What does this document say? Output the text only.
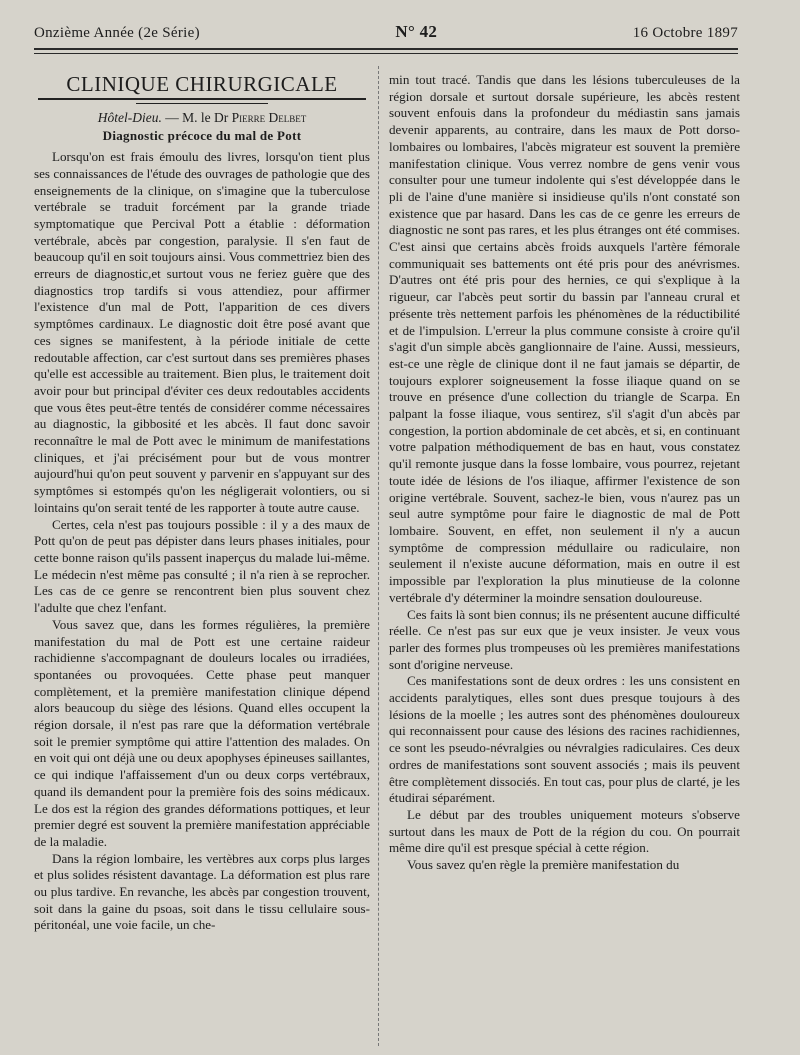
Onzième Année (2e Série)	N° 42	16 Octobre 1897
CLINIQUE CHIRURGICALE
Hôtel-Dieu. — M. le Dr Pierre Delbet
Diagnostic précoce du mal de Pott

Lorsqu'on est frais émoulu des livres, lorsqu'on tient plus ses connaissances de l'étude des ouvrages de pathologie que des enseignements de la clinique, on s'imagine que la tuberculose vertébrale se traduit forcément par la grande triade symptomatique que Percival Pott a établie : déformation vertébrale, abcès par congestion, paralysie. Il s'en faut de beaucoup qu'il en soit toujours ainsi. Vous commettriez bien des erreurs de diagnostic,et surtout vous ne feriez guère que des diagnostics trop tardifs si vous attendiez, pour affirmer l'existence d'un mal de Pott, l'apparition de ces divers symptômes cardinaux. Le diagnostic doit être posé avant que ces signes se manifestent, à la période initiale de cette redoutable affection, car c'est surtout dans ses premières phases qu'elle est accessible au traitement. Bien plus, le traitement doit avoir pour but principal d'éviter ces deux redoutables accidents que vous êtes peut-être tentés de considérer comme nécessaires au diagnostic, la gibbosité et les abcès. Il faut donc savoir reconnaître le mal de Pott avec le minimum de manifestations cliniques, et j'ai précisément pour but de vous montrer aujourd'hui qu'on peut souvent y parvenir en s'appuyant sur des symptômes si estompés qu'on les négligerait volontiers, ou si lointains qu'on serait tenté de les rapporter à toute autre cause.

Certes, cela n'est pas toujours possible : il y a des maux de Pott qu'on de peut pas dépister dans leurs phases initiales, pour cette bonne raison qu'ils passent inaperçus du malade lui-même. Le médecin n'est même pas consulté ; il n'a rien à se reprocher. Les cas de ce genre se rencontrent bien plus souvent chez l'adulte que chez l'enfant.

Vous savez que, dans les formes régulières, la première manifestation du mal de Pott est une certaine raideur rachidienne s'accompagnant de douleurs locales ou irradiées, spontanées ou provoquées. Cette phase peut manquer complètement, et la première manifestation clinique dépend alors beaucoup du siège des lésions. Quand elles occupent la région dorsale, il n'est pas rare que la déformation vertébrale soit le premier symptôme qui attire l'attention des malades. On en voit qui ont déjà une ou deux apophyses épineuses saillantes, ce qui indique l'affaissement d'un ou deux corps vertébraux, quand ils demandent pour la première fois des soins médicaux. Le dos est la région des grandes déformations pottiques, et leur premier degré est souvent la première manifestation appréciable de la maladie.

Dans la région lombaire, les vertèbres aux corps plus larges et plus solides résistent davantage. La déformation est plus rare ou plus tardive. En revanche, les abcès par congestion trouvent, soit dans la gaine du psoas, soit dans le tissu cellulaire sous-péritonéal, une voie facile, un che-

min tout tracé. Tandis que dans les lésions tuberculeuses de la région dorsale et surtout dorsale supérieure, les abcès restent souvent enfouis dans la profondeur du médiastin sans jamais devenir apparents, au contraire, dans les maux de Pott dorso-lombaires ou lombaires, l'abcès migrateur est souvent la première manifestation clinique. Vous verrez nombre de gens venir vous consulter pour une tumeur indolente qui s'est développée dans le pli de l'aine d'une manière si insidieuse qu'ils n'ont constaté son existence que par hasard. Dans les cas de ce genre les erreurs de diagnostic ne sont pas rares, et les plus étranges ont été commises. C'est ainsi que certains abcès froids auxquels l'artère fémorale communiquait ses battements ont été pris pour des anévrismes. D'autres ont été pris pour des hernies, ce qui s'explique à la rigueur, car l'abcès peut sortir du bassin par l'anneau crural et présente très nettement parfois les phénomènes de la réductibilité et de l'impulsion. L'erreur la plus commune consiste à croire qu'il s'agit d'un simple abcès ganglionnaire de l'aine. Aussi, messieurs, est-ce une règle de clinique dont il ne faut jamais se départir, de toujours explorer soigneusement la fosse iliaque quand on se trouve en présence d'une collection du triangle de Scarpa. En palpant la fosse iliaque, vous sentirez, s'il s'agit d'un abcès par congestion, la portion abdominale de cet abcès, et si, en continuant votre palpation méthodiquement de bas en haut, vous constatez qu'il remonte jusque dans la fosse lombaire, vous pourrez, rejetant toute idée de lésions de l'os iliaque, affirmer l'existence de son origine vertébrale. Souvent, sachez-le bien, vous n'aurez pas un seul autre symptôme pour faire le diagnostic de mal de Pott lombaire. Souvent, en effet, non seulement il n'y a aucun symptôme de compression médullaire ou radiculaire, non seulement il n'existe aucune déformation, mais en outre il est impossible par l'exploration la plus minutieuse de la colonne vertébrale d'y déterminer la moindre sensation douloureuse.

Ces faits là sont bien connus; ils ne présentent aucune difficulté réelle. Ce n'est pas sur eux que je veux insister. Je veux vous parler des formes plus trompeuses où les premières manifestations sont d'origine nerveuse.

Ces manifestations sont de deux ordres : les uns consistent en accidents paralytiques, elles sont dues presque toujours à des lésions de la moelle ; les autres sont des phénomènes douloureux qui reconnaissent pour cause des lésions des racines rachidiennes, ce sont les pseudo-névralgies ou névralgies radiculaires. Ces deux ordres de manifestations sont souvent associés ; mais ils peuvent être complètement dissociés. En tout cas, pour plus de clarté, je les étudirai séparément.

Le début par des troubles uniquement moteurs s'observe surtout dans les maux de Pott de la région du cou. On pourrait même dire qu'il est presque spécial à cette région.

Vous savez qu'en règle la première manifestation du
